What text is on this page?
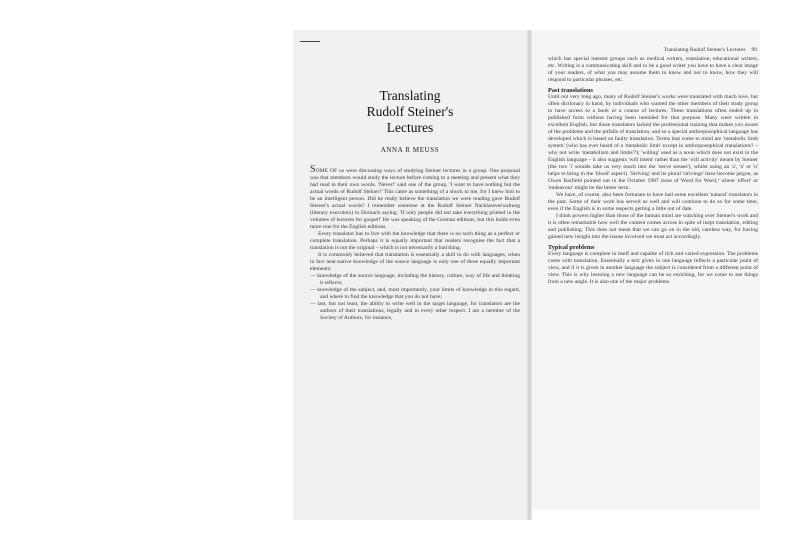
Translating
Rudolf Steiner's
Lectures
ANNA R MEUSS

SOME OF us were discussing ways of studying Steiner lectures in a group. One proposal was that members would study the lecture before coming to a meeting and present what they had read in their own words. 'Never!' said one of the group, 'I want to have nothing but the actual words of Rudolf Steiner!' This came as something of a shock to me, for I knew him to be an intelligent person. Did he really believe the translation we were reading gave Rudolf Steiner's actual words? I remember someone at the Rudolf Steiner Nachlassverwaltung (literary executors) in Dornach saying: 'If only people did not take everything printed in the volumes of lectures for gospel!' He was speaking of the German editions, but this holds even more true for the English editions.

Every translator has to live with the knowledge that there is no such thing as a perfect or complete translation. Perhaps it is equally important that readers recognise the fact that a translation is not the original – which is not necessarily a bad thing.

It is commonly believed that translation is essentially a skill to do with languages, when in fact near-native knowledge of the source language is only one of three equally important elements:

— knowledge of the source language, including the history, culture, way of life and thinking it reflects;

— knowledge of the subject, and, most importantly, your limits of knowledge in this regard, and where to find the knowledge that you do not have;

— last, but not least, the ability to write well in the target language, for translators are the authors of their translations, legally and in every other respect. I am a member of the Society of Authors, for instance,

Translating Rudolf Steiner's Lectures 99

which has special interest groups such as medical writers, translation, educational writers, etc. Writing is a communicating skill and to be a good writer you have to have a clear image of your readers, of what you may assume them to know and not to know, how they will respond to particular phrases, etc.

Past translations

Until not very long ago, many of Rudolf Steiner's works were translated with much love, but often dictionary in hand, by individuals who wanted the other members of their study group to have access to a book or a course of lectures. These translations often ended up in published form without having been intended for that purpose. Many were written in excellent English, but those translators lacked the professional training that makes you aware of the problems and the pitfalls of translation, and so a special anthroposophical language has developed which is based on faulty translation. Terms that come to mind are 'metabolic limb system' (who has ever heard of a 'metabolic limb' except in anthroposophical translations? – why not write 'metabolism and limbs'?); 'willing' used as a noun which does not exist in the English language – it also suggests 'will intent' rather than the 'will activity' meant by Steiner (the two 'i' sounds take us very much into the 'nerve senses'), whilst using an 'a', 'o' or 'u' helps to bring in the 'blood' aspect). 'Striving' and its plural 'strivings' have become jargon, as Owen Barfield pointed out in the October 1987 issue of Word for Word,¹ where 'effort' or 'endeavour' might be the better term.

We have, of course, also been fortunate to have had some excellent 'natural' translators in the past. Some of their work has served us well and will continue to do so for some time, even if the English is in some respects getting a little out of date.

I think powers higher than those of the human mind are watching over Steiner's work and it is often remarkable how well the content comes across in spite of inept translation, editing and publishing. This does not mean that we can go on in the old, careless way, for having gained new insight into the issues involved we must act accordingly.

Typical problems

Every language is complete in itself and capable of rich and varied expression. The problems come with translation. Essentially a text given in one language reflects a particular point of view, and if it is given in another language the subject is considered from a different point of view. This is why learning a new language can be so enriching, for we come to see things from a new angle. It is also one of the major problems
